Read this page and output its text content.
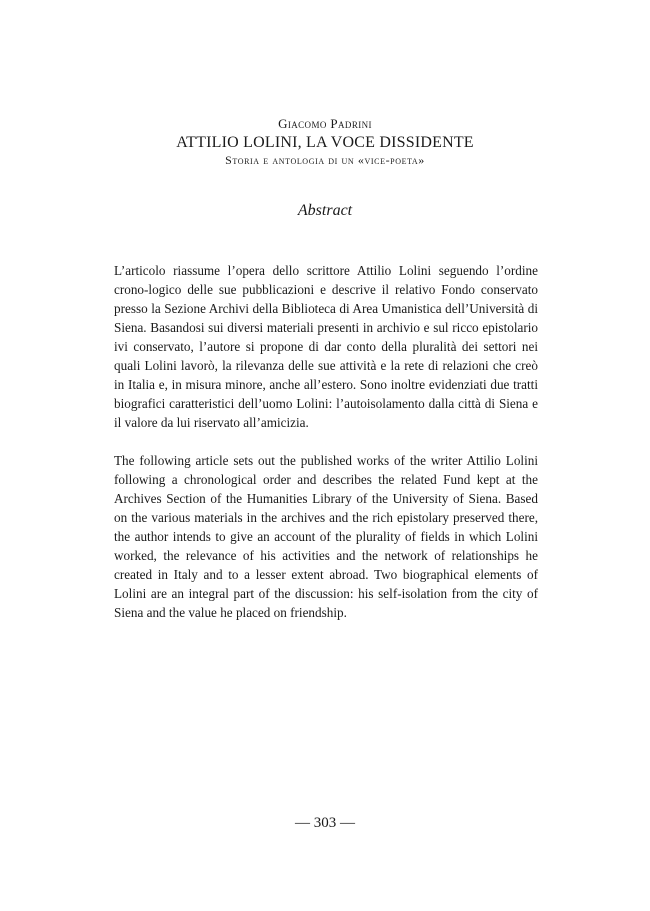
Giacomo Padrini

ATTILIO LOLINI, LA VOCE DISSIDENTE

Storia e antologia di un «vice-poeta»

Abstract

L’articolo riassume l’opera dello scrittore Attilio Lolini seguendo l’ordine crono-logico delle sue pubblicazioni e descrive il relativo Fondo conservato presso la Sezione Archivi della Biblioteca di Area Umanistica dell’Università di Siena. Basandosi sui diversi materiali presenti in archivio e sul ricco epistolario ivi conservato, l’autore si propone di dar conto della pluralità dei settori nei quali Lolini lavorò, la rilevanza delle sue attività e la rete di relazioni che creò in Italia e, in misura minore, anche all’estero. Sono inoltre evidenziati due tratti biografici caratteristici dell’uomo Lolini: l’autoisolamento dalla città di Siena e il valore da lui riservato all’amicizia.

The following article sets out the published works of the writer Attilio Lolini following a chronological order and describes the related Fund kept at the Archives Section of the Humanities Library of the University of Siena. Based on the various materials in the archives and the rich epistolary preserved there, the author intends to give an account of the plurality of fields in which Lolini worked, the relevance of his activities and the network of relationships he created in Italy and to a lesser extent abroad. Two biographical elements of Lolini are an integral part of the discussion: his self-isolation from the city of Siena and the value he placed on friendship.

— 303 —
